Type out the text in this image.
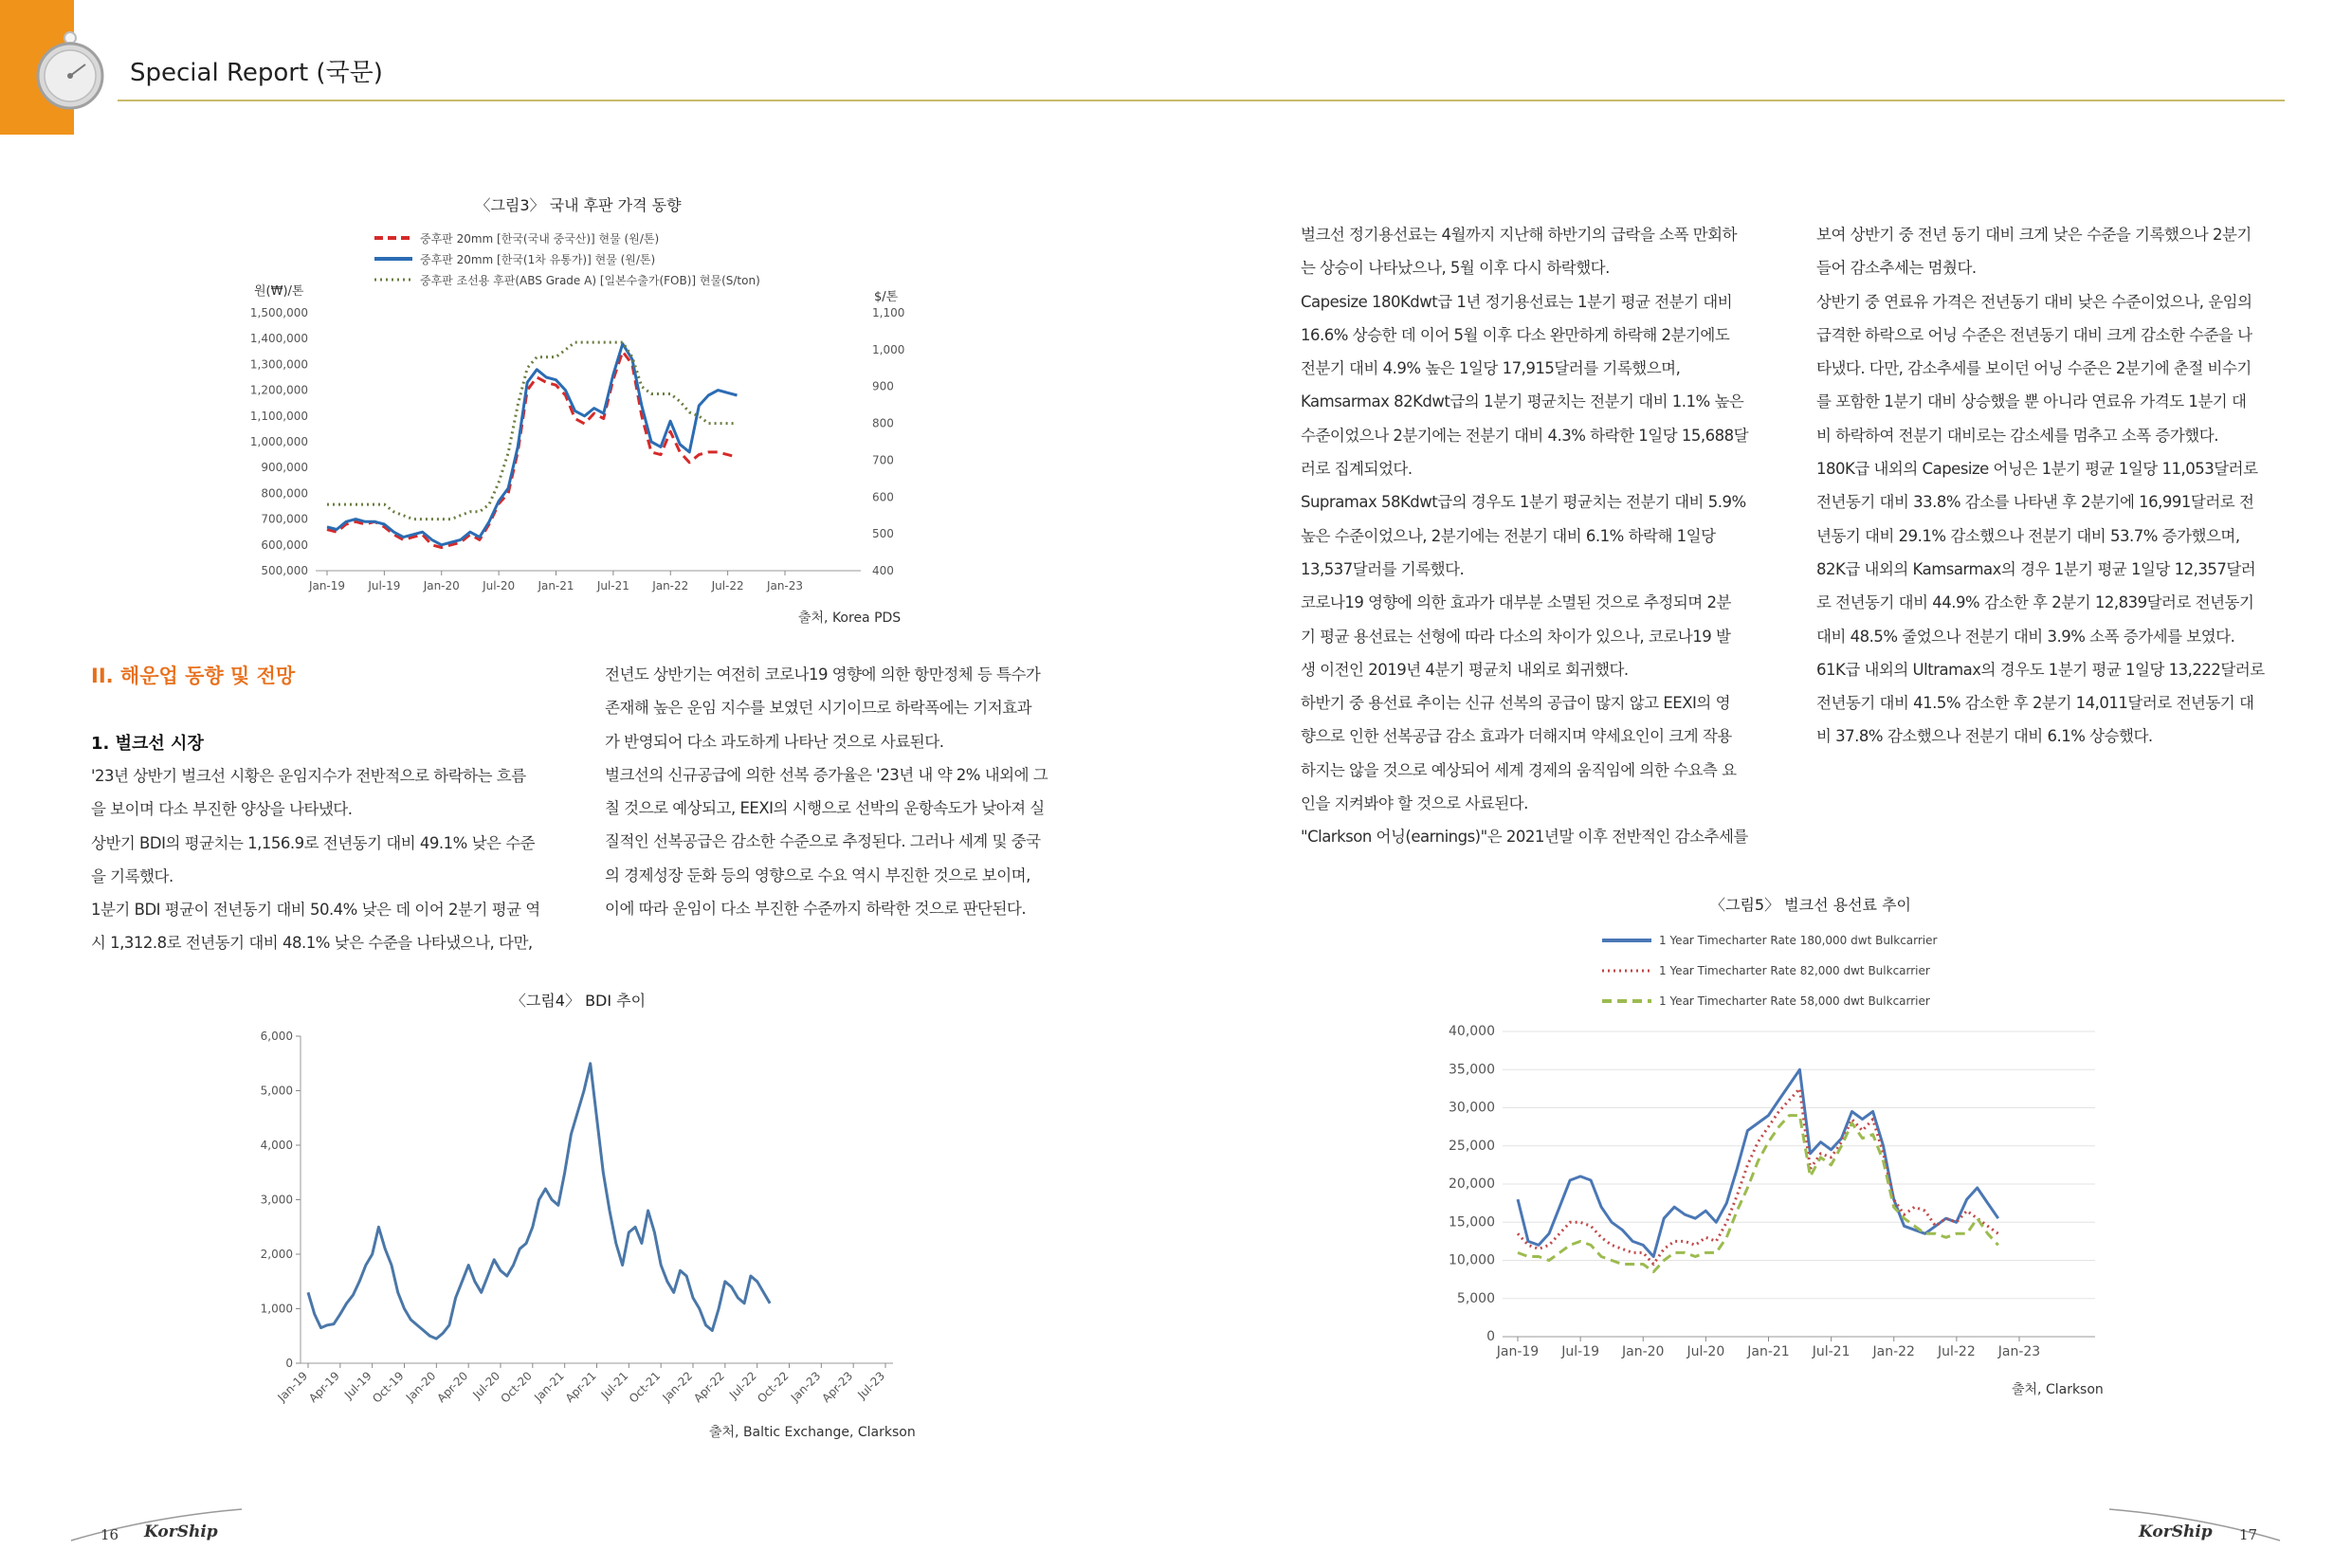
Special Report (국문)
〈그림3〉 국내 후판 가격 동향
중후판 20mm [한국(국내 중국산)] 현물 (원/톤)
중후판 20mm [한국(1차 유통가)] 현물 (원/톤)
중후판 조선용 후판(ABS Grade A) [일본수출가(FOB)] 현물(S/ton)
원(₩)/톤	$/톤
1,500,000
1,400,000
1,300,000
1,200,000
1,100,000
1,000,000
900,000
800,000
700,000
600,000
500,000
1,100
1,000
900
800
700
600
500
400
Jan-19 Jul-19 Jan-20 Jul-20 Jan-21 Jul-21 Jan-22 Jul-22 Jan-23
출처, Korea PDS
II. 해운업 동향 및 전망
1. 벌크선 시장

'23년 상반기 벌크선 시황은 운임지수가 전반적으로 하락하는 흐름

을 보이며 다소 부진한 양상을 나타냈다.

상반기 BDI의 평균치는 1,156.9로 전년동기 대비 49.1% 낮은 수준

을 기록했다.

1분기 BDI 평균이 전년동기 대비 50.4% 낮은 데 이어 2분기 평균 역

시 1,312.8로 전년동기 대비 48.1% 낮은 수준을 나타냈으나, 다만,

전년도 상반기는 여전히 코로나19 영향에 의한 항만정체 등 특수가

존재해 높은 운임 지수를 보였던 시기이므로 하락폭에는 기저효과

가 반영되어 다소 과도하게 나타난 것으로 사료된다.

벌크선의 신규공급에 의한 선복 증가율은 '23년 내 약 2% 내외에 그

칠 것으로 예상되고, EEXI의 시행으로 선박의 운항속도가 낮아져 실

질적인 선복공급은 감소한 수준으로 추정된다. 그러나 세계 및 중국

의 경제성장 둔화 등의 영향으로 수요 역시 부진한 것으로 보이며,

이에 따라 운임이 다소 부진한 수준까지 하락한 것으로 판단된다.

벌크선 정기용선료는 4월까지 지난해 하반기의 급락을 소폭 만회하

는 상승이 나타났으나, 5월 이후 다시 하락했다.

Capesize 180Kdwt급 1년 정기용선료는 1분기 평균 전분기 대비

16.6% 상승한 데 이어 5월 이후 다소 완만하게 하락해 2분기에도

전분기 대비 4.9% 높은 1일당 17,915달러를 기록했으며,

Kamsarmax 82Kdwt급의 1분기 평균치는 전분기 대비 1.1% 높은

수준이었으나 2분기에는 전분기 대비 4.3% 하락한 1일당 15,688달

러로 집계되었다.

Supramax 58Kdwt급의 경우도 1분기 평균치는 전분기 대비 5.9%

높은 수준이었으나, 2분기에는 전분기 대비 6.1% 하락해 1일당

13,537달러를 기록했다.

코로나19 영향에 의한 효과가 대부분 소멸된 것으로 추정되며 2분

기 평균 용선료는 선형에 따라 다소의 차이가 있으나, 코로나19 발

생 이전인 2019년 4분기 평균치 내외로 회귀했다.

하반기 중 용선료 추이는 신규 선복의 공급이 많지 않고 EEXI의 영

향으로 인한 선복공급 감소 효과가 더해지며 약세요인이 크게 작용

하지는 않을 것으로 예상되어 세계 경제의 움직임에 의한 수요측 요

인을 지켜봐야 할 것으로 사료된다.

"Clarkson 어닝(earnings)"은 2021년말 이후 전반적인 감소추세를

보여 상반기 중 전년 동기 대비 크게 낮은 수준을 기록했으나 2분기

들어 감소추세는 멈췄다.

상반기 중 연료유 가격은 전년동기 대비 낮은 수준이었으나, 운임의

급격한 하락으로 어닝 수준은 전년동기 대비 크게 감소한 수준을 나

타냈다. 다만, 감소추세를 보이던 어닝 수준은 2분기에 춘절 비수기

를 포함한 1분기 대비 상승했을 뿐 아니라 연료유 가격도 1분기 대

비 하락하여 전분기 대비로는 감소세를 멈추고 소폭 증가했다.

180K급 내외의 Capesize 어닝은 1분기 평균 1일당 11,053달러로

전년동기 대비 33.8% 감소를 나타낸 후 2분기에 16,991달러로 전

년동기 대비 29.1% 감소했으나 전분기 대비 53.7% 증가했으며,

82K급 내외의 Kamsarmax의 경우 1분기 평균 1일당 12,357달러

로 전년동기 대비 44.9% 감소한 후 2분기 12,839달러로 전년동기

대비 48.5% 줄었으나 전분기 대비 3.9% 소폭 증가세를 보였다.

61K급 내외의 Ultramax의 경우도 1분기 평균 1일당 13,222달러로

전년동기 대비 41.5% 감소한 후 2분기 14,011달러로 전년동기 대

비 37.8% 감소했으나 전분기 대비 6.1% 상승했다.

〈그림4〉 BDI 추이
6,000
5,000
4,000
3,000
2,000
1,000
0
Jan-19
Apr-19 Jul-19
Oct-19
Jan-20
Apr-20 Jul-20
Oct-20
Jan-21
Apr-21 Jul-21
Oct-21
Jan-22
Apr-22 Jul-22
Oct-22
Jan-23
Apr-23 Jul-23
출처, Baltic Exchange, Clarkson
〈그림5〉 벌크선 용선료 추이
1 Year Timecharter Rate 180,000 dwt Bulkcarrier
1 Year Timecharter Rate 82,000 dwt Bulkcarrier
1 Year Timecharter Rate 58,000 dwt Bulkcarrier
40,000
35,000
30,000
25,000
20,000
15,000
10,000
5,000
0
Jan-19 Jul-19 Jan-20 Jul-20 Jan-21 Jul-21 Jan-22 Jul-22 Jan-23
출처, Clarkson
16 KorShip	KorShip 17
